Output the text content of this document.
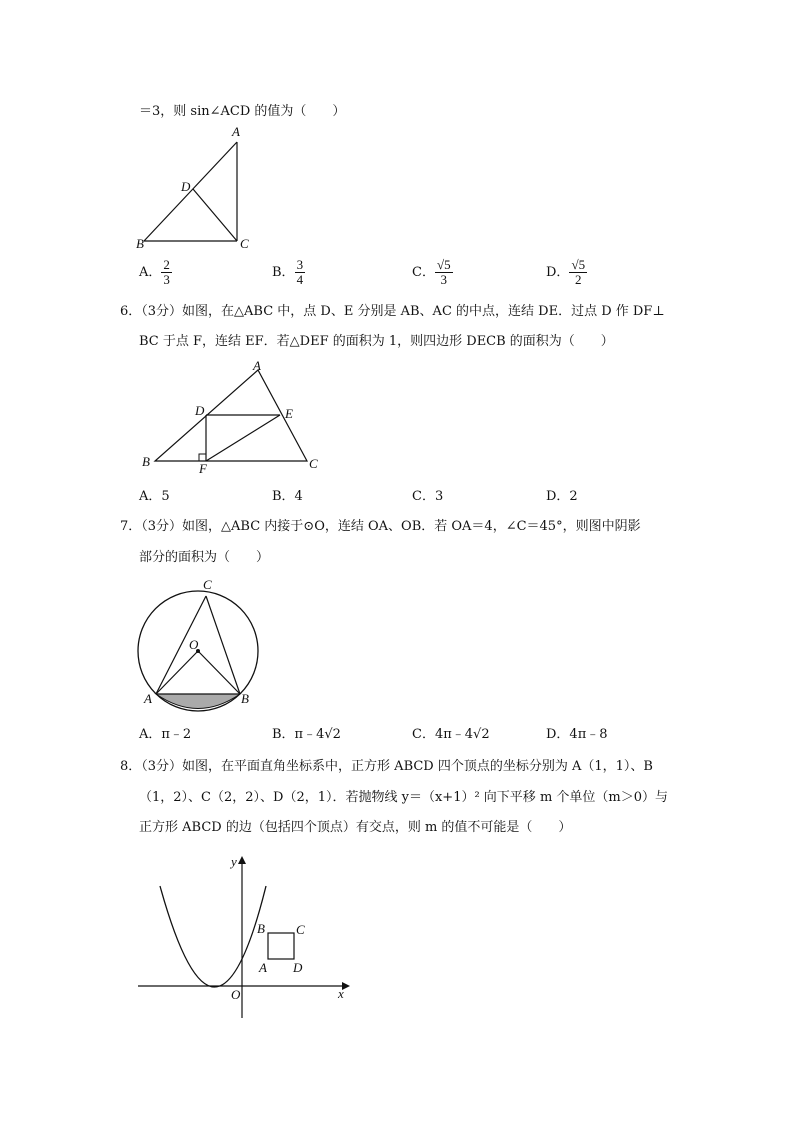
＝3，则 sin∠ACD 的值为（　　）
A
D
B	C
A． $\frac{2}{3}$	B． $\frac{3}{4}$	C． $\frac{√5}{3}$	D． $\frac{√5}{2}$
6．（3分）如图，在△ABC 中，点 D、E 分别是 AB、AC 的中点，连结 DE．过点 D 作 DF⊥
BC 于点 F，连结 EF．若△DEF 的面积为 1，则四边形 DECB 的面积为（　　）
A
D	E
B	F	C
A．5	B．4	C．3	D．2
7．（3分）如图，△ABC 内接于⊙O，连结 OA、OB．若 OA＝4，∠C＝45°，则图中阴影
部分的面积为（　　）
C
O
A	B
A．π﹣2	B．π﹣4√2	C．4π﹣4√2	D．4π﹣8
8．（3分）如图，在平面直角坐标系中，正方形 ABCD 四个顶点的坐标分别为 A（1，1）、B
（1，2）、C（2，2）、D（2，1）．若抛物线 y＝（x+1）² 向下平移 m 个单位（m＞0）与
正方形 ABCD 的边（包括四个顶点）有交点，则 m 的值不可能是（　　）
y
x
O
B C
A D
